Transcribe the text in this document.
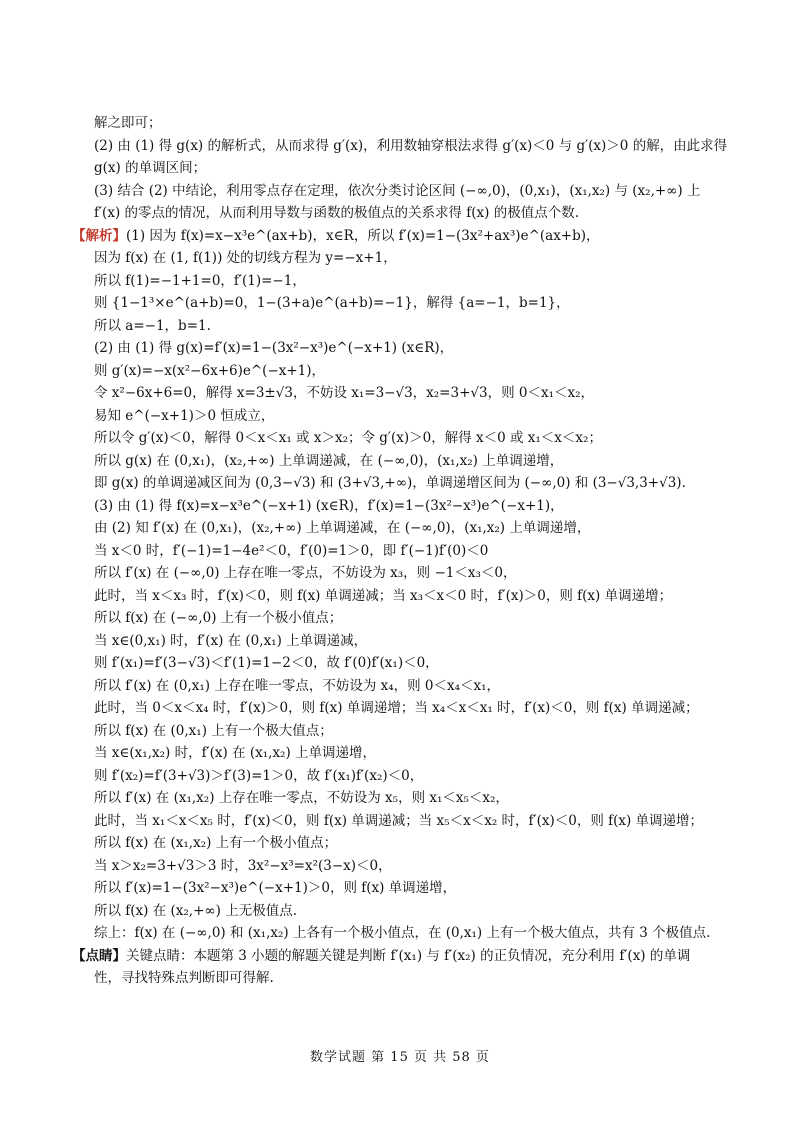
解之即可；
(2) 由 (1) 得 g(x) 的解析式，从而求得 g′(x)，利用数轴穿根法求得 g′(x)＜0 与 g′(x)＞0 的解，由此求得
g(x) 的单调区间；
(3) 结合 (2) 中结论，利用零点存在定理，依次分类讨论区间 (−∞,0)，(0,x₁)，(x₁,x₂) 与 (x₂,+∞) 上
f′(x) 的零点的情况，从而利用导数与函数的极值点的关系求得 f(x) 的极值点个数.
【解析】(1) 因为 f(x)=x−x³e^(ax+b)，x∈R，所以 f′(x)=1−(3x²+ax³)e^(ax+b)，
因为 f(x) 在 (1, f(1)) 处的切线方程为 y=−x+1，
所以 f(1)=−1+1=0，f′(1)=−1，
则 {1−1³×e^(a+b)=0，1−(3+a)e^(a+b)=−1}，解得 {a=−1，b=1}，
所以 a=−1，b=1.
(2) 由 (1) 得 g(x)=f′(x)=1−(3x²−x³)e^(−x+1) (x∈R)，
则 g′(x)=−x(x²−6x+6)e^(−x+1)，
令 x²−6x+6=0，解得 x=3±√3，不妨设 x₁=3−√3，x₂=3+√3，则 0＜x₁＜x₂，
易知 e^(−x+1)＞0 恒成立，
所以令 g′(x)＜0，解得 0＜x＜x₁ 或 x＞x₂；令 g′(x)＞0，解得 x＜0 或 x₁＜x＜x₂；
所以 g(x) 在 (0,x₁)，(x₂,+∞) 上单调递减，在 (−∞,0)，(x₁,x₂) 上单调递增，
即 g(x) 的单调递减区间为 (0,3−√3) 和 (3+√3,+∞)，单调递增区间为 (−∞,0) 和 (3−√3,3+√3).
(3) 由 (1) 得 f(x)=x−x³e^(−x+1) (x∈R)，f′(x)=1−(3x²−x³)e^(−x+1)，
由 (2) 知 f′(x) 在 (0,x₁)，(x₂,+∞) 上单调递减，在 (−∞,0)，(x₁,x₂) 上单调递增，
当 x＜0 时，f′(−1)=1−4e²＜0，f′(0)=1＞0，即 f′(−1)f′(0)＜0
所以 f′(x) 在 (−∞,0) 上存在唯一零点，不妨设为 x₃，则 −1＜x₃＜0，
此时，当 x＜x₃ 时，f′(x)＜0，则 f(x) 单调递减；当 x₃＜x＜0 时，f′(x)＞0，则 f(x) 单调递增；
所以 f(x) 在 (−∞,0) 上有一个极小值点；
当 x∈(0,x₁) 时，f′(x) 在 (0,x₁) 上单调递减，
则 f′(x₁)=f′(3−√3)＜f′(1)=1−2＜0，故 f′(0)f′(x₁)＜0，
所以 f′(x) 在 (0,x₁) 上存在唯一零点，不妨设为 x₄，则 0＜x₄＜x₁，
此时，当 0＜x＜x₄ 时，f′(x)＞0，则 f(x) 单调递增；当 x₄＜x＜x₁ 时，f′(x)＜0，则 f(x) 单调递减；
所以 f(x) 在 (0,x₁) 上有一个极大值点；
当 x∈(x₁,x₂) 时，f′(x) 在 (x₁,x₂) 上单调递增，
则 f′(x₂)=f′(3+√3)＞f′(3)=1＞0，故 f′(x₁)f′(x₂)＜0，
所以 f′(x) 在 (x₁,x₂) 上存在唯一零点，不妨设为 x₅，则 x₁＜x₅＜x₂，
此时，当 x₁＜x＜x₅ 时，f′(x)＜0，则 f(x) 单调递减；当 x₅＜x＜x₂ 时，f′(x)＜0，则 f(x) 单调递增；
所以 f(x) 在 (x₁,x₂) 上有一个极小值点；
当 x＞x₂=3+√3＞3 时，3x²−x³=x²(3−x)＜0，
所以 f′(x)=1−(3x²−x³)e^(−x+1)＞0，则 f(x) 单调递增，
所以 f(x) 在 (x₂,+∞) 上无极值点.
综上：f(x) 在 (−∞,0) 和 (x₁,x₂) 上各有一个极小值点，在 (0,x₁) 上有一个极大值点，共有 3 个极值点.
【点睛】关键点睛：本题第 3 小题的解题关键是判断 f′(x₁) 与 f′(x₂) 的正负情况，充分利用 f′(x) 的单调
性，寻找特殊点判断即可得解.
数学试题 第 15 页 共 58 页
